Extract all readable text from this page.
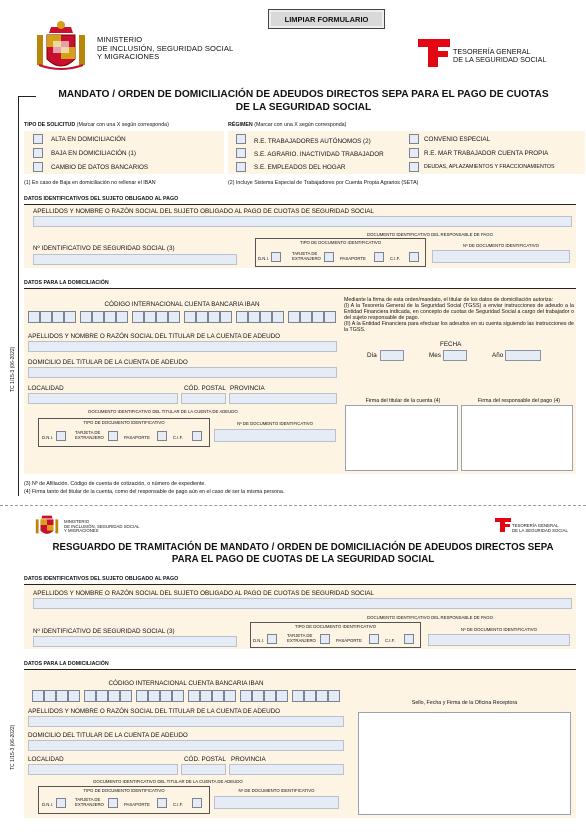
LIMPIAR FORMULARIO
MINISTERIO
DE INCLUSIÓN, SEGURIDAD SOCIAL
Y MIGRACIONES
TESORERÍA GENERAL
DE LA SEGURIDAD SOCIAL
MANDATO / ORDEN DE DOMICILIACIÓN DE ADEUDOS DIRECTOS SEPA PARA EL PAGO DE CUOTAS
DE LA SEGURIDAD SOCIAL
TIPO DE SOLICITUD (Marcar con una X según corresponda)	RÉGIMEN (Marcar con una X según corresponda)
ALTA EN DOMICILIACIÓN
BAJA EN DOMICILIACIÓN (1)
CAMBIO DE DATOS BANCARIOS
R.E. TRABAJADORES AUTÓNOMOS (2)
S.E. AGRARIO. INACTIVIDAD TRABAJADOR
S.E. EMPLEADOS DEL HOGAR
CONVENIO ESPECIAL
R.E. MAR TRABAJADOR CUENTA PROPIA
DEUDAS, APLAZAMIENTOS Y FRACCIONAMIENTOS
(1) En caso de Baja en domiciliación no rellenar el IBAN	(2) Incluye Sistema Especial de Trabajadores por Cuenta Propia Agrarios (SETA)
DATOS IDENTIFICATIVOS DEL SUJETO OBLIGADO AL PAGO
APELLIDOS Y NOMBRE O RAZÓN SOCIAL DEL SUJETO OBLIGADO AL PAGO DE CUOTAS DE SEGURIDAD SOCIAL
Nº IDENTIFICATIVO DE SEGURIDAD SOCIAL (3)
DOCUMENTO IDENTIFICATIVO DEL RESPONSABLE DE PAGO
TIPO DE DOCUMENTO IDENTIFICATIVO
D.N.I.
TARJETA DE
EXTRANJERO	PASAPORTE	C.I.F.
Nº DE DOCUMENTO IDENTIFICATIVO
DATOS PARA LA DOMICILIACIÓN
CÓDIGO INTERNACIONAL CUENTA BANCARIA IBAN
APELLIDOS Y NOMBRE O RAZÓN SOCIAL DEL TITULAR DE LA CUENTA DE ADEUDO
DOMICILIO DEL TITULAR DE LA CUENTA DE ADEUDO
LOCALIDAD	CÓD. POSTAL PROVINCIA
DOCUMENTO IDENTIFICATIVO DEL TITULAR DE LA CUENTA DE ADEUDO
TIPO DE DOCUMENTO IDENTIFICATIVO
D.N.I.
TARJETA DE
EXTRANJERO	PASAPORTE	C.I.F.
Nº DE DOCUMENTO IDENTIFICATIVO
Mediante la firma de esta orden/mandato, el titular de los datos de domiciliación autoriza:
(I) A la Tesorería General de la Seguridad Social (TGSS) a enviar instrucciones de adeudo a la Entidad Financiera indicada, en concepto de cuotas de Seguridad Social a cargo del trabajador o del sujeto responsable de pago.
(II) A la Entidad Financiera para efectuar los adeudos en su cuenta siguiendo las instrucciones de la TGSS.
FECHA
Día	Mes	Año
Firma del titular de la cuenta (4)	Firma del responsable del pago (4)
TC 1/15-3 (06-2022)
(3) Nº de Afiliación. Código de cuenta de cotización, o número de expediente.
(4) Firma tanto del titular de la cuenta, como del responsable de pago aún en el caso de ser la misma persona.
MINISTERIO
DE INCLUSIÓN, SEGURIDAD SOCIAL
Y MIGRACIONES
TESORERÍA GENERAL
DE LA SEGURIDAD SOCIAL
RESGUARDO DE TRAMITACIÓN DE MANDATO / ORDEN DE DOMICILIACIÓN DE ADEUDOS DIRECTOS SEPA
PARA EL PAGO DE CUOTAS DE LA SEGURIDAD SOCIAL
DATOS IDENTIFICATIVOS DEL SUJETO OBLIGADO AL PAGO
APELLIDOS Y NOMBRE O RAZÓN SOCIAL DEL SUJETO OBLIGADO AL PAGO DE CUOTAS DE SEGURIDAD SOCIAL
Nº IDENTIFICATIVO DE SEGURIDAD SOCIAL (3)
DOCUMENTO IDENTIFICATIVO DEL RESPONSABLE DE PAGO
TIPO DE DOCUMENTO IDENTIFICATIVO
D.N.I.
TARJETA DE
EXTRANJERO	PASAPORTE	C.I.F.
Nº DE DOCUMENTO IDENTIFICATIVO
DATOS PARA LA DOMICILIACIÓN
CÓDIGO INTERNACIONAL CUENTA BANCARIA IBAN
APELLIDOS Y NOMBRE O RAZÓN SOCIAL DEL TITULAR DE LA CUENTA DE ADEUDO
DOMICILIO DEL TITULAR DE LA CUENTA DE ADEUDO
LOCALIDAD	CÓD. POSTAL PROVINCIA
DOCUMENTO IDENTIFICATIVO DEL TITULAR DE LA CUENTA DE ADEUDO
TIPO DE DOCUMENTO IDENTIFICATIVO
D.N.I.
TARJETA DE
EXTRANJERO	PASAPORTE	C.I.F.
Nº DE DOCUMENTO IDENTIFICATIVO
Sello, Fecha y Firma de la Oficina Receptora
TC 1/15-3 (06-2022)
